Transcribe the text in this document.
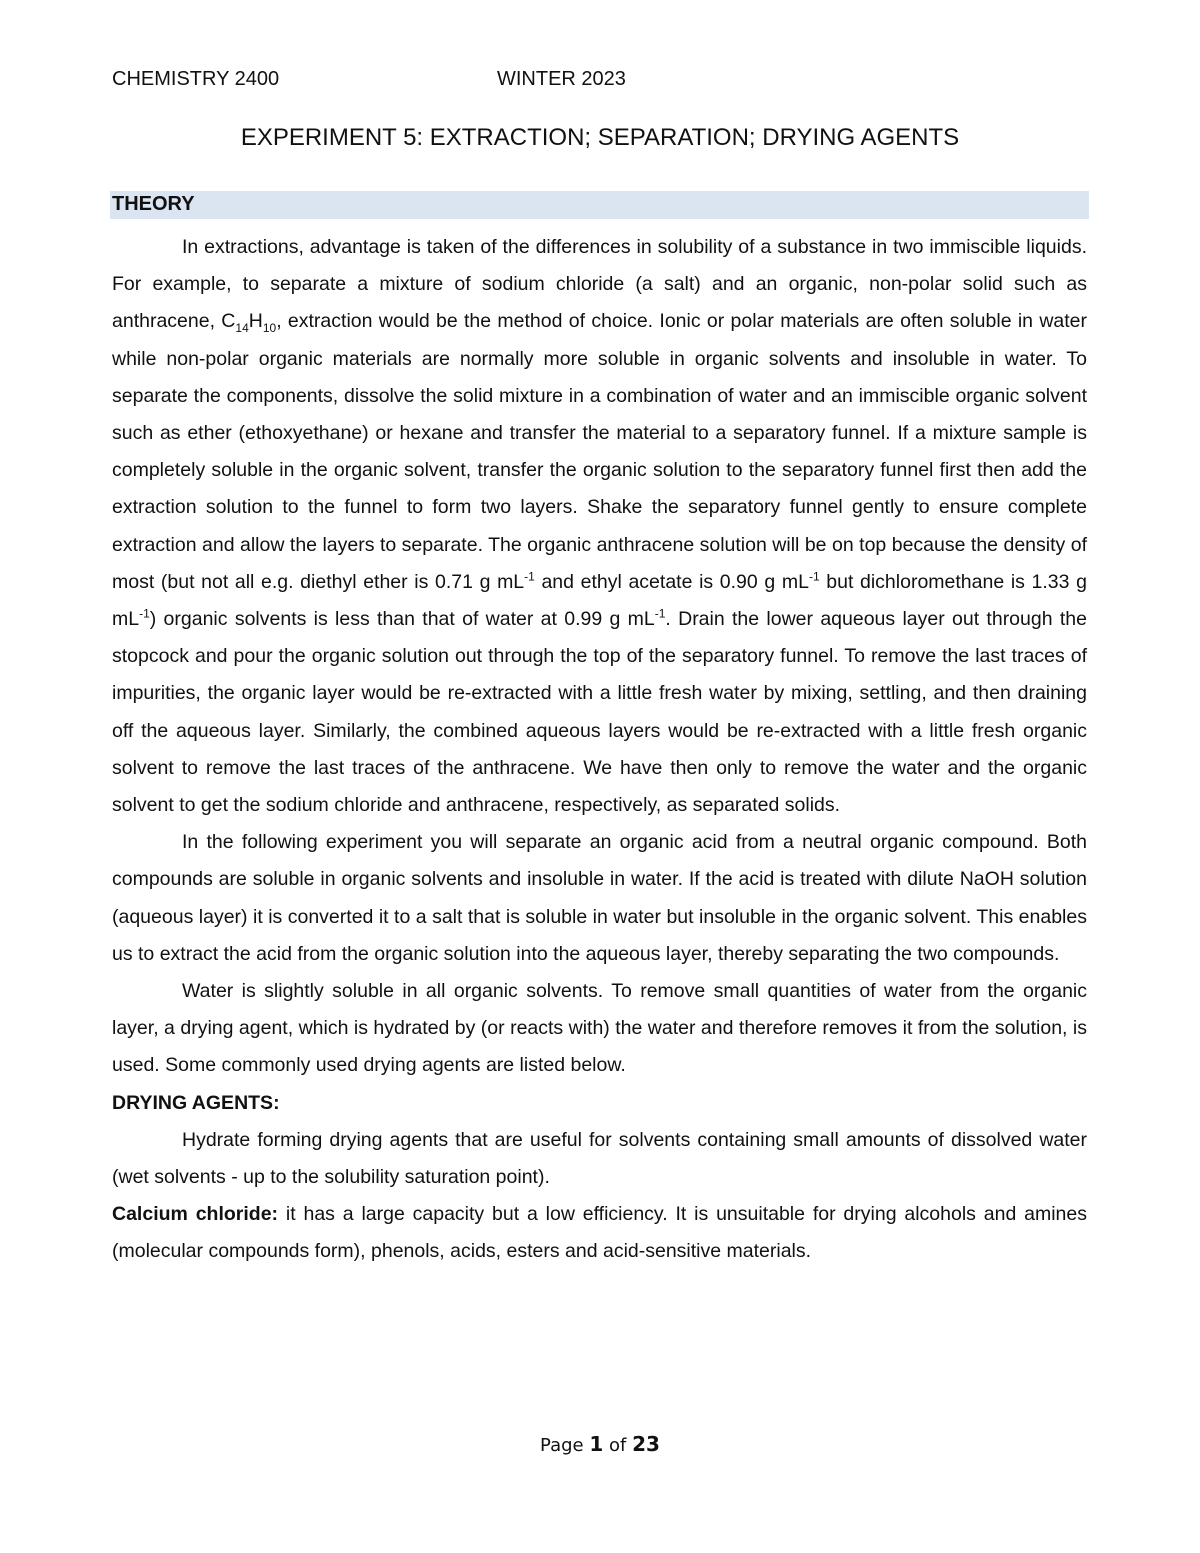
CHEMISTRY 2400	WINTER 2023
EXPERIMENT 5: EXTRACTION; SEPARATION; DRYING AGENTS
THEORY

In extractions, advantage is taken of the differences in solubility of a substance in two immiscible liquids. For example, to separate a mixture of sodium chloride (a salt) and an organic, non-polar solid such as anthracene, $C_{14}H_{10}$, extraction would be the method of choice. Ionic or polar materials are often soluble in water while non-polar organic materials are normally more soluble in organic solvents and insoluble in water. To separate the components, dissolve the solid mixture in a combination of water and an immiscible organic solvent such as ether (ethoxyethane) or hexane and transfer the material to a separatory funnel. If a mixture sample is completely soluble in the organic solvent, transfer the organic solution to the separatory funnel first then add the extraction solution to the funnel to form two layers. Shake the separatory funnel gently to ensure complete extraction and allow the layers to separate. The organic anthracene solution will be on top because the density of most (but not all e.g. diethyl ether is 0.71 g $mL^{-1}$ and ethyl acetate is 0.90 g $mL^{-1}$ but dichloromethane is 1.33 g $mL^{-1}$) organic solvents is less than that of water at 0.99 g $mL^{-1}$. Drain the lower aqueous layer out through the stopcock and pour the organic solution out through the top of the separatory funnel. To remove the last traces of impurities, the organic layer would be re-extracted with a little fresh water by mixing, settling, and then draining off the aqueous layer. Similarly, the combined aqueous layers would be re-extracted with a little fresh organic solvent to remove the last traces of the anthracene. We have then only to remove the water and the organic solvent to get the sodium chloride and anthracene, respectively, as separated solids.

In the following experiment you will separate an organic acid from a neutral organic compound. Both compounds are soluble in organic solvents and insoluble in water. If the acid is treated with dilute NaOH solution (aqueous layer) it is converted it to a salt that is soluble in water but insoluble in the organic solvent. This enables us to extract the acid from the organic solution into the aqueous layer, thereby separating the two compounds.

Water is slightly soluble in all organic solvents. To remove small quantities of water from the organic layer, a drying agent, which is hydrated by (or reacts with) the water and therefore removes it from the solution, is used. Some commonly used drying agents are listed below.

DRYING AGENTS:

Hydrate forming drying agents that are useful for solvents containing small amounts of dissolved water (wet solvents - up to the solubility saturation point).

Calcium chloride: it has a large capacity but a low efficiency. It is unsuitable for drying alcohols and amines (molecular compounds form), phenols, acids, esters and acid-sensitive materials.

Page 1 of 23
